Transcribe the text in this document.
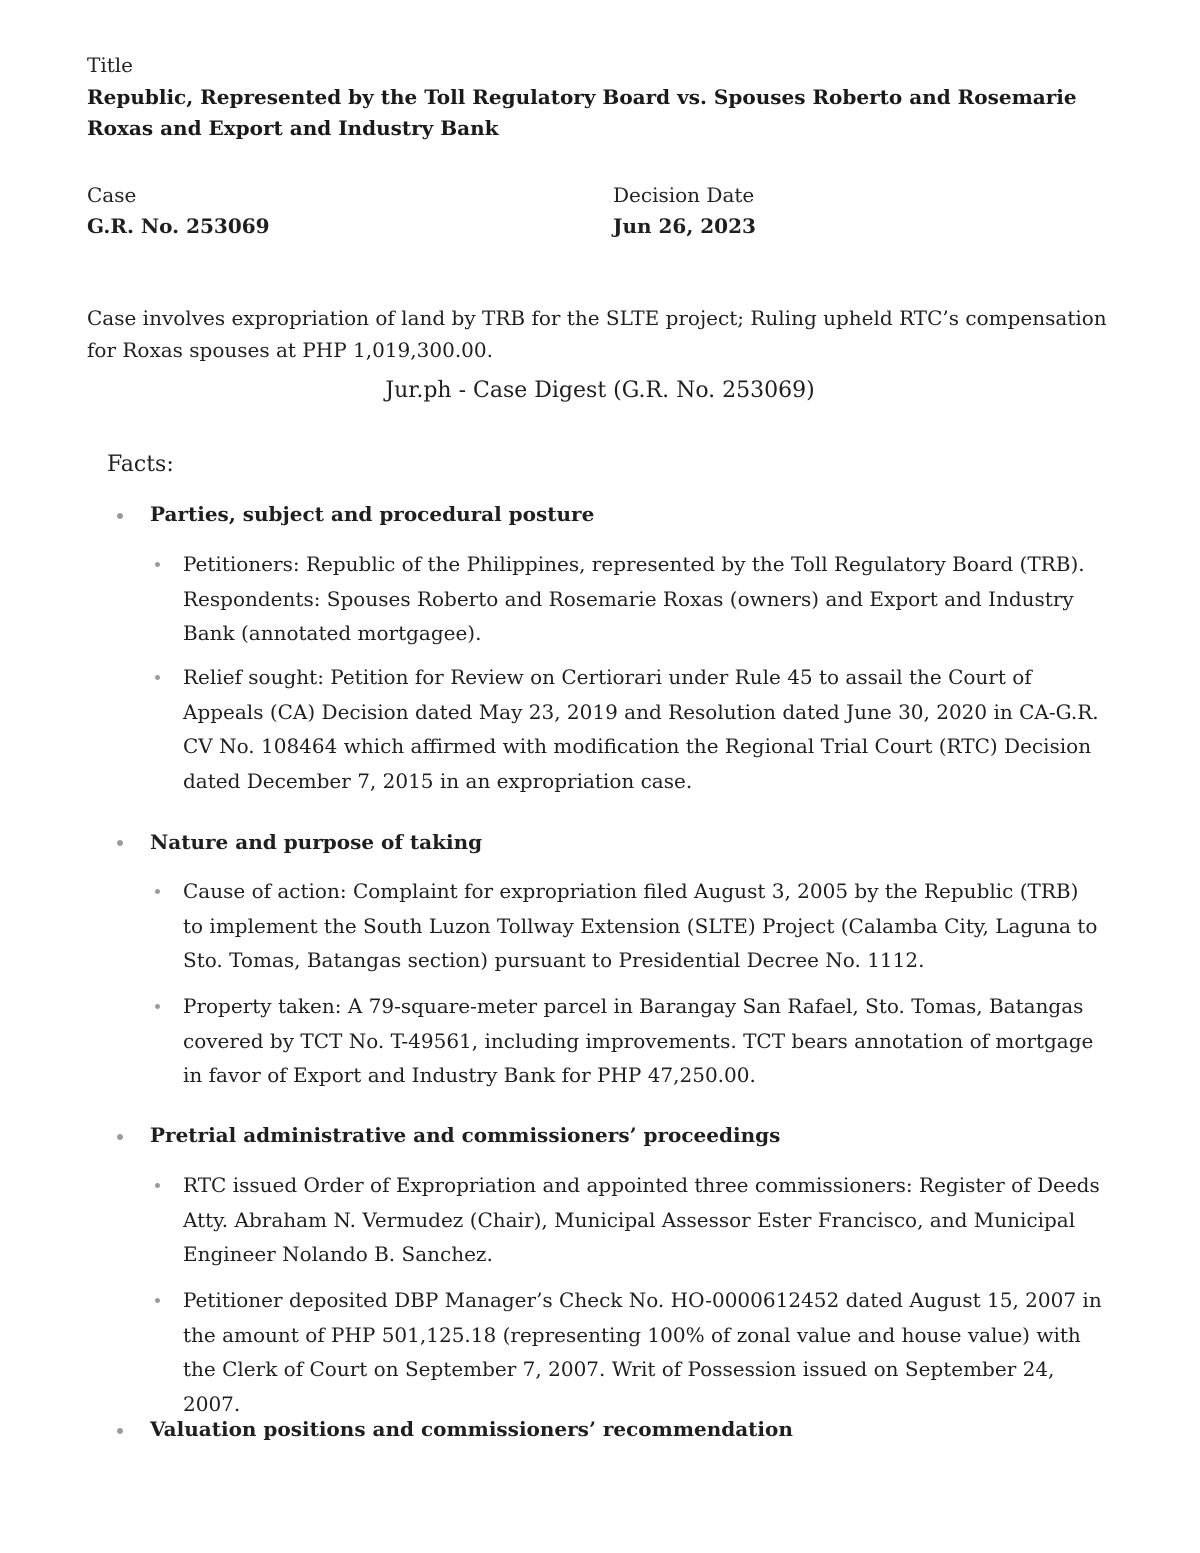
Title
Republic, Represented by the Toll Regulatory Board vs. Spouses Roberto and Rosemarie Roxas and Export and Industry Bank
Case
G.R. No. 253069
Decision Date
Jun 26, 2023
Case involves expropriation of land by TRB for the SLTE project; Ruling upheld RTC’s compensation for Roxas spouses at PHP 1,019,300.00.
Jur.ph - Case Digest (G.R. No. 253069)
Facts:
Parties, subject and procedural posture
Petitioners: Republic of the Philippines, represented by the Toll Regulatory Board (TRB). Respondents: Spouses Roberto and Rosemarie Roxas (owners) and Export and Industry Bank (annotated mortgagee).
Relief sought: Petition for Review on Certiorari under Rule 45 to assail the Court of Appeals (CA) Decision dated May 23, 2019 and Resolution dated June 30, 2020 in CA-G.R. CV No. 108464 which affirmed with modification the Regional Trial Court (RTC) Decision dated December 7, 2015 in an expropriation case.
Nature and purpose of taking
Cause of action: Complaint for expropriation filed August 3, 2005 by the Republic (TRB) to implement the South Luzon Tollway Extension (SLTE) Project (Calamba City, Laguna to Sto. Tomas, Batangas section) pursuant to Presidential Decree No. 1112.
Property taken: A 79-square-meter parcel in Barangay San Rafael, Sto. Tomas, Batangas covered by TCT No. T-49561, including improvements. TCT bears annotation of mortgage in favor of Export and Industry Bank for PHP 47,250.00.
Pretrial administrative and commissioners’ proceedings
RTC issued Order of Expropriation and appointed three commissioners: Register of Deeds Atty. Abraham N. Vermudez (Chair), Municipal Assessor Ester Francisco, and Municipal Engineer Nolando B. Sanchez.
Petitioner deposited DBP Manager’s Check No. HO-0000612452 dated August 15, 2007 in the amount of PHP 501,125.18 (representing 100% of zonal value and house value) with the Clerk of Court on September 7, 2007. Writ of Possession issued on September 24, 2007.
Valuation positions and commissioners’ recommendation
